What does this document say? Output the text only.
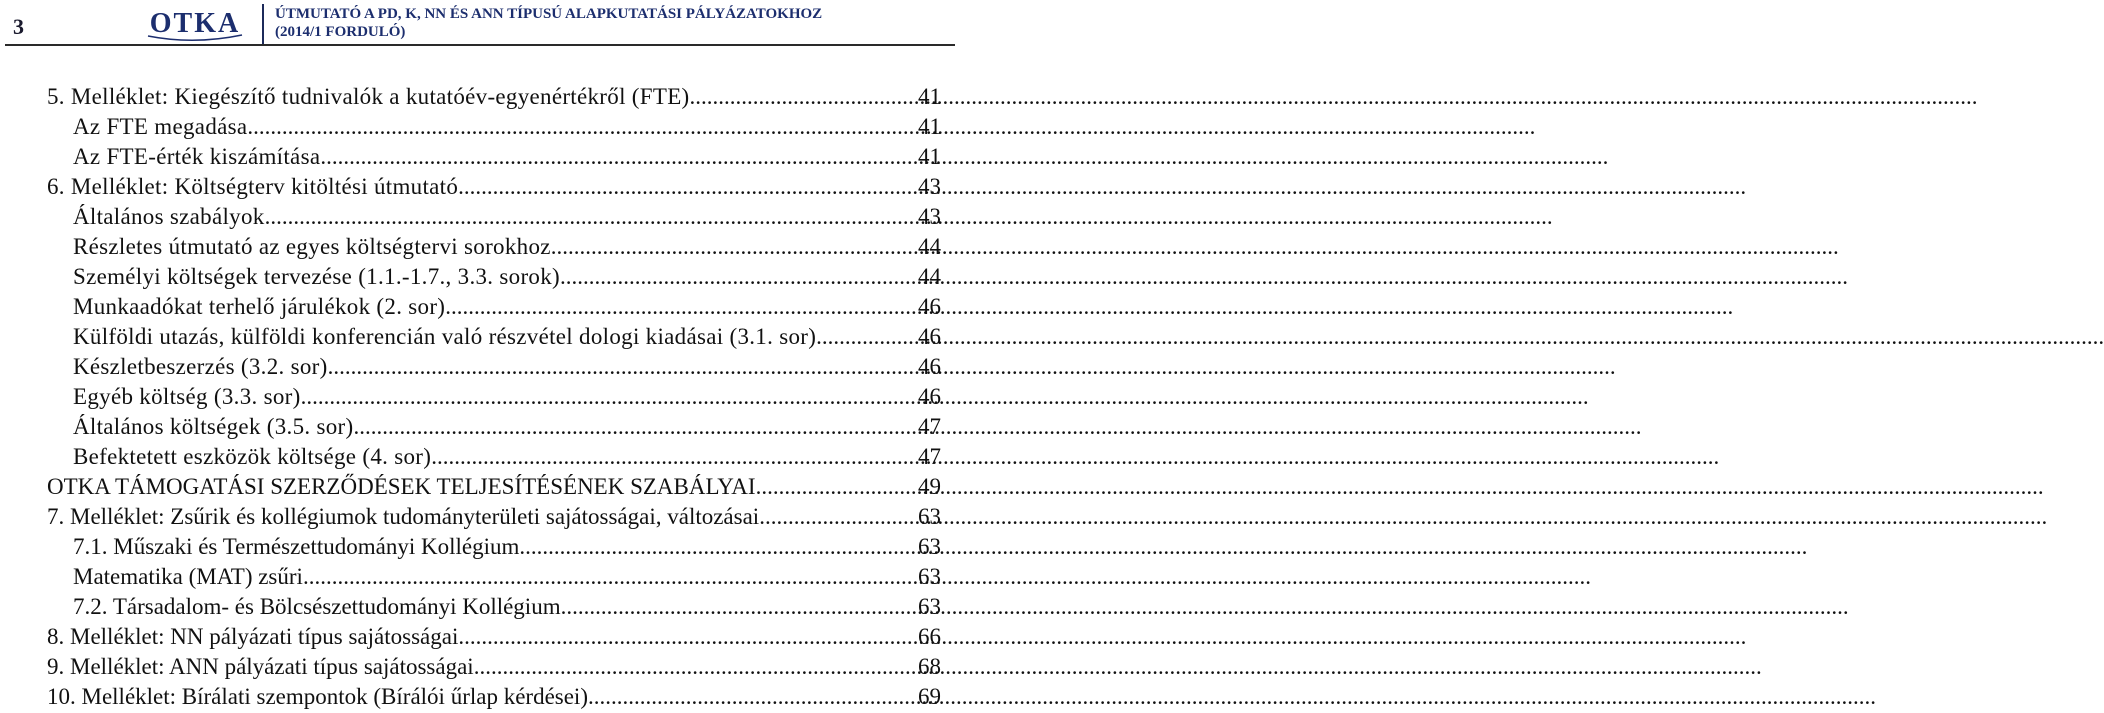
3	OTKA ÚTMUTATÓ A PD, K, NN ÉS ANN TÍPUSÚ ALAPKUTATÁSI PÁLYÁZATOKHOZ
(2014/1 FORDULÓ)
5. Melléklet: Kiegészítő tudnivalók a kutatóév-egyenértékről (FTE) .....	41
Az FTE megadása .....	41
Az FTE-érték kiszámítása .....	41
6. Melléklet: Költségterv kitöltési útmutató .....	43
Általános szabályok .....	43
Részletes útmutató az egyes költségtervi sorokhoz .....	44
Személyi költségek tervezése (1.1.-1.7., 3.3. sorok) .....	44
Munkaadókat terhelő járulékok (2. sor) .....	46
Külföldi utazás, külföldi konferencián való részvétel dologi kiadásai (3.1. sor) .....	46
Készletbeszerzés (3.2. sor) .....	46
Egyéb költség (3.3. sor) .....	46
Általános költségek (3.5. sor) .....	47
Befektetett eszközök költsége (4. sor) .....	47
OTKA TÁMOGATÁSI SZERZŐDÉSEK TELJESÍTÉSÉNEK SZABÁLYAI .....	49
7. Melléklet: Zsűrik és kollégiumok tudományterületi sajátosságai, változásai .....	63
7.1. Műszaki és Természettudományi Kollégium .....	63
Matematika (MAT) zsűri .....	63
7.2. Társadalom- és Bölcsészettudományi Kollégium .....	63
8. Melléklet: NN pályázati típus sajátosságai .....	66
9. Melléklet: ANN pályázati típus sajátosságai .....	68
10. Melléklet: Bírálati szempontok (Bírálói űrlap kérdései) .....	69
